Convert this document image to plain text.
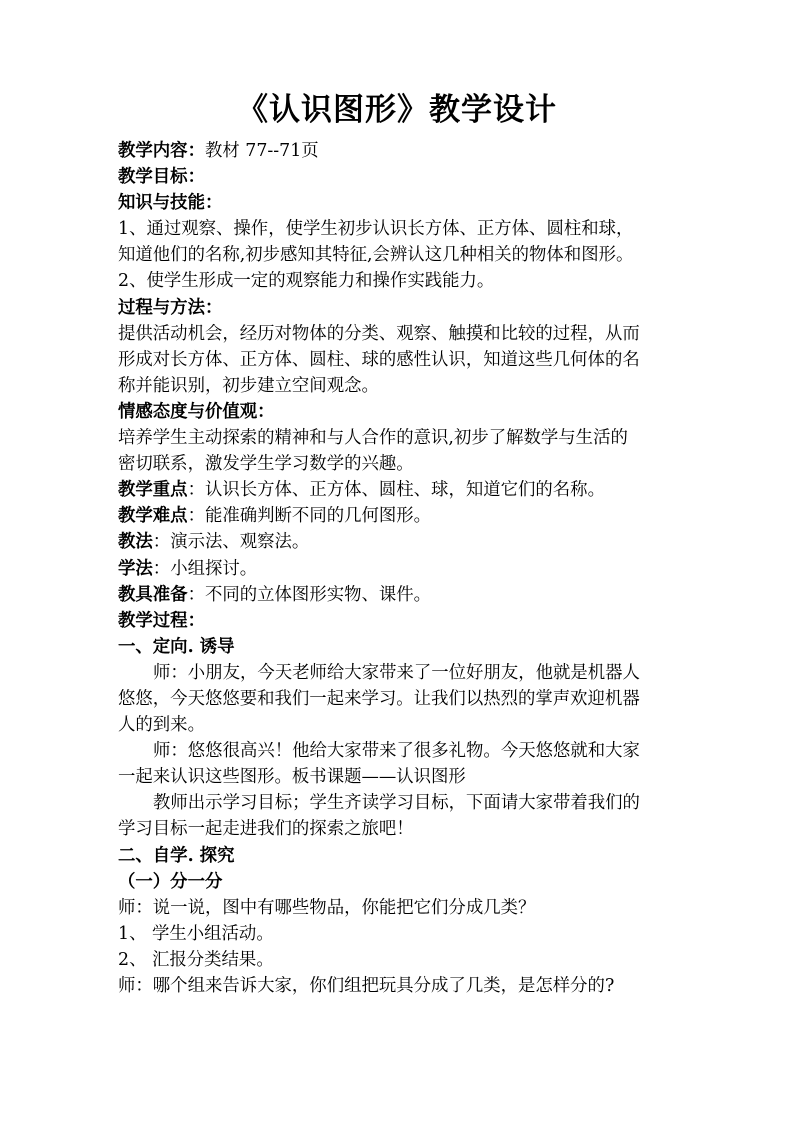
《认识图形》教学设计
教学内容：教材 77--71页
教学目标：
知识与技能：
1、通过观察、操作，使学生初步认识长方体、正方体、圆柱和球，
知道他们的名称,初步感知其特征,会辨认这几种相关的物体和图形。
2、使学生形成一定的观察能力和操作实践能力。
过程与方法：
提供活动机会，经历对物体的分类、观察、触摸和比较的过程，从而
形成对长方体、正方体、圆柱、球的感性认识，知道这些几何体的名
称并能识别，初步建立空间观念。
情感态度与价值观：
培养学生主动探索的精神和与人合作的意识,初步了解数学与生活的
密切联系，激发学生学习数学的兴趣。
教学重点：认识长方体、正方体、圆柱、球，知道它们的名称。
教学难点：能准确判断不同的几何图形。
教法：演示法、观察法。
学法：小组探讨。
教具准备：不同的立体图形实物、课件。
教学过程：
一、定向. 诱导
师：小朋友，今天老师给大家带来了一位好朋友，他就是机器人
悠悠，今天悠悠要和我们一起来学习。让我们以热烈的掌声欢迎机器
人的到来。
师：悠悠很高兴！他给大家带来了很多礼物。今天悠悠就和大家
一起来认识这些图形。板书课题——认识图形
教师出示学习目标；学生齐读学习目标，下面请大家带着我们的
学习目标一起走进我们的探索之旅吧！
二、自学. 探究
（一）分一分
师：说一说，图中有哪些物品，你能把它们分成几类？
1、 学生小组活动。
2、 汇报分类结果。
师：哪个组来告诉大家，你们组把玩具分成了几类，是怎样分的?
